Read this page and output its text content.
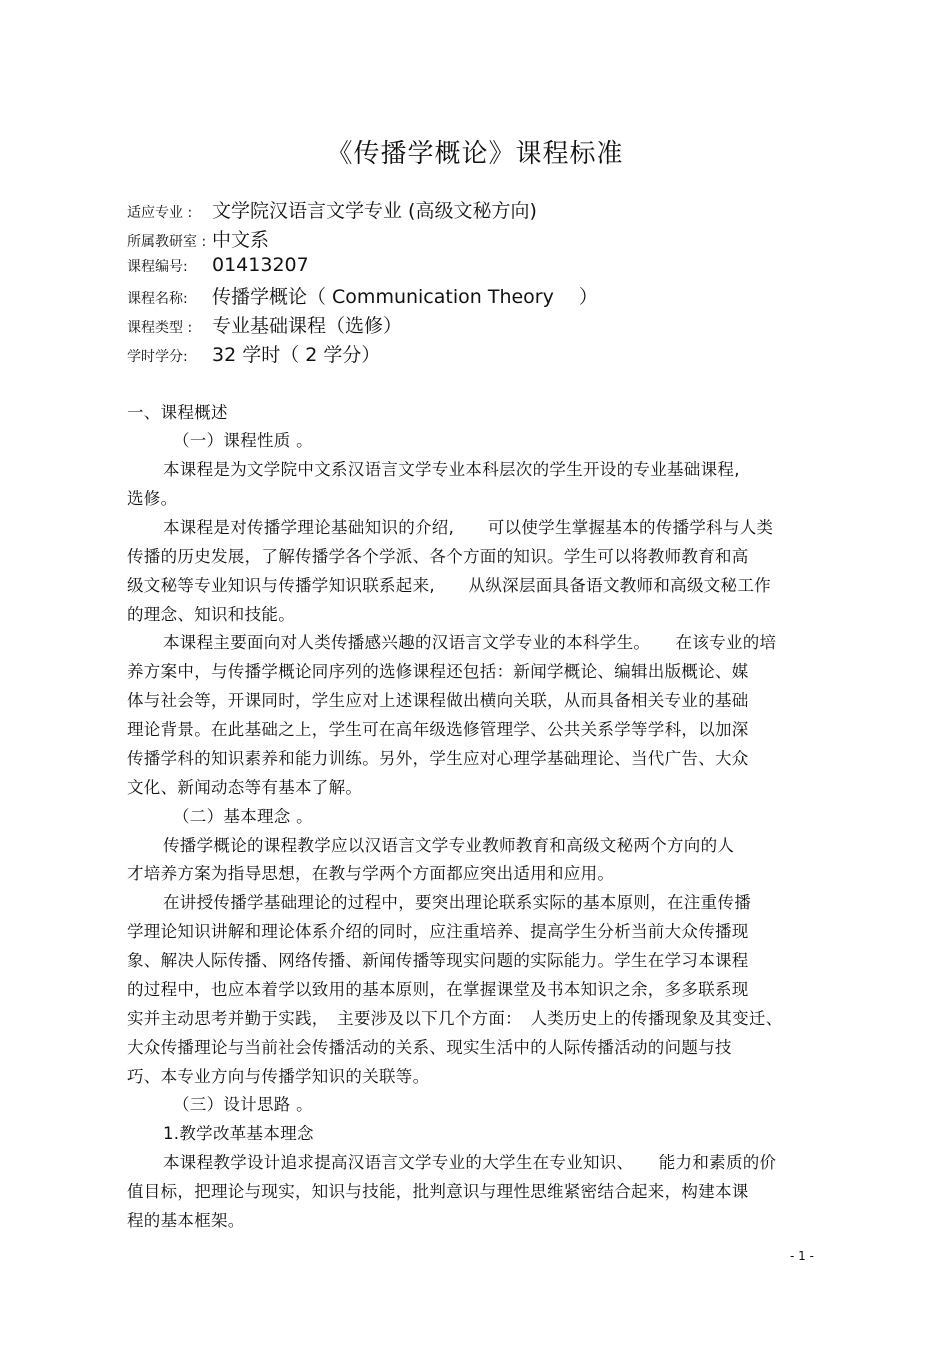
《传播学概论》课程标准
适应专业 : 文学院汉语言文学专业 (高级文秘方向)
所属教研室 : 中文系
课程编号: 01413207
课程名称: 传播学概论（ Communication Theory　 ）
课程类型 : 专业基础课程（选修）
学时学分: 32 学时（ 2 学分）
一、课程概述
（一）课程性质 。
本课程是为文学院中文系汉语言文学专业本科层次的学生开设的专业基础课程,
选修。
本课程是对传播学理论基础知识的介绍,　　可以使学生掌握基本的传播学科与人类
传播的历史发展，了解传播学各个学派、各个方面的知识。学生可以将教师教育和高
级文秘等专业知识与传播学知识联系起来,　　从纵深层面具备语文教师和高级文秘工作
的理念、知识和技能。
本课程主要面向对人类传播感兴趣的汉语言文学专业的本科学生。　　在该专业的培
养方案中，与传播学概论同序列的选修课程还包括：新闻学概论、编辑出版概论、媒
体与社会等，开课同时，学生应对上述课程做出横向关联，从而具备相关专业的基础
理论背景。在此基础之上，学生可在高年级选修管理学、公共关系学等学科，以加深
传播学科的知识素养和能力训练。另外，学生应对心理学基础理论、当代广告、大众
文化、新闻动态等有基本了解。
（二）基本理念 。
传播学概论的课程教学应以汉语言文学专业教师教育和高级文秘两个方向的人
才培养方案为指导思想，在教与学两个方面都应突出适用和应用。
在讲授传播学基础理论的过程中，要突出理论联系实际的基本原则，在注重传播
学理论知识讲解和理论体系介绍的同时，应注重培养、提高学生分析当前大众传播现
象、解决人际传播、网络传播、新闻传播等现实问题的实际能力。学生在学习本课程
的过程中，也应本着学以致用的基本原则，在掌握课堂及书本知识之余，多多联系现
实并主动思考并勤于实践，　主要涉及以下几个方面：　人类历史上的传播现象及其变迁、
大众传播理论与当前社会传播活动的关系、现实生活中的人际传播活动的问题与技
巧、本专业方向与传播学知识的关联等。
（三）设计思路 。
1.教学改革基本理念
本课程教学设计追求提高汉语言文学专业的大学生在专业知识、　　能力和素质的价
值目标，把理论与现实，知识与技能，批判意识与理性思维紧密结合起来，构建本课
程的基本框架。
- 1 -
